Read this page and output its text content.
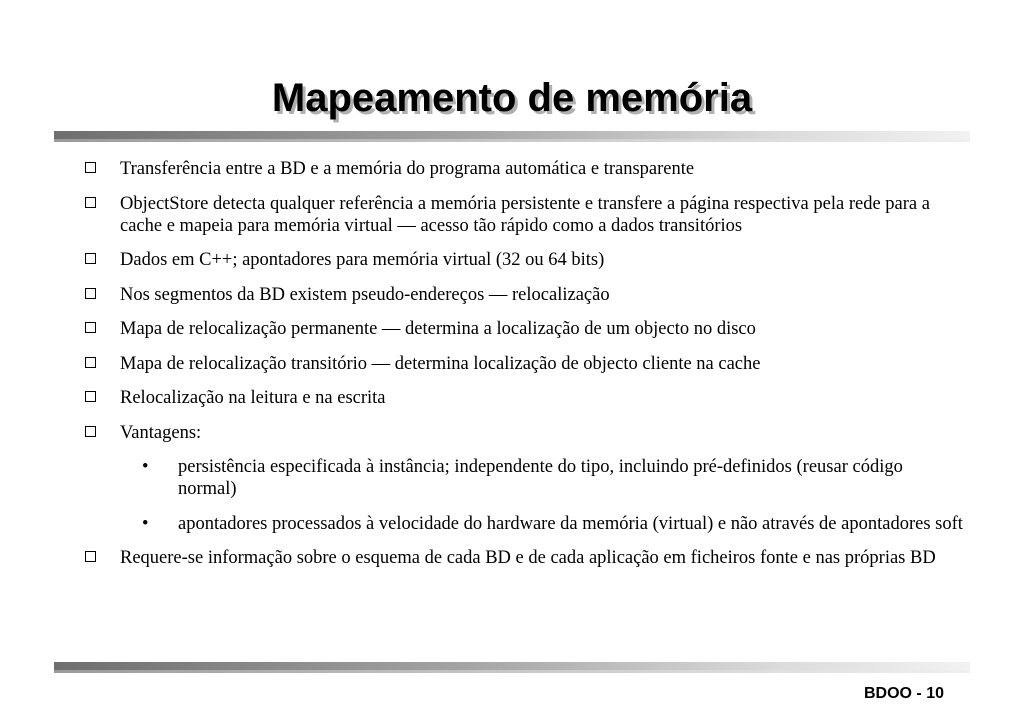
Mapeamento de memória
Transferência entre a BD e a memória do programa automática e transparente
ObjectStore detecta qualquer referência a memória persistente e transfere a página respectiva pela rede para a cache e mapeia para memória virtual — acesso tão rápido como a dados transitórios
Dados em C++; apontadores para memória virtual (32 ou 64 bits)
Nos segmentos da BD existem pseudo-endereços — relocalização
Mapa de relocalização permanente — determina a localização de um objecto no disco
Mapa de relocalização transitório — determina localização de objecto cliente na cache
Relocalização na leitura e na escrita
Vantagens:
• persistência especificada à instância; independente do tipo, incluindo pré-definidos (reusar código normal)
• apontadores processados à velocidade do hardware da memória (virtual) e não através de apontadores soft
Requere-se informação sobre o esquema de cada BD e de cada aplicação em ficheiros fonte e nas próprias BD
BDOO - 10
